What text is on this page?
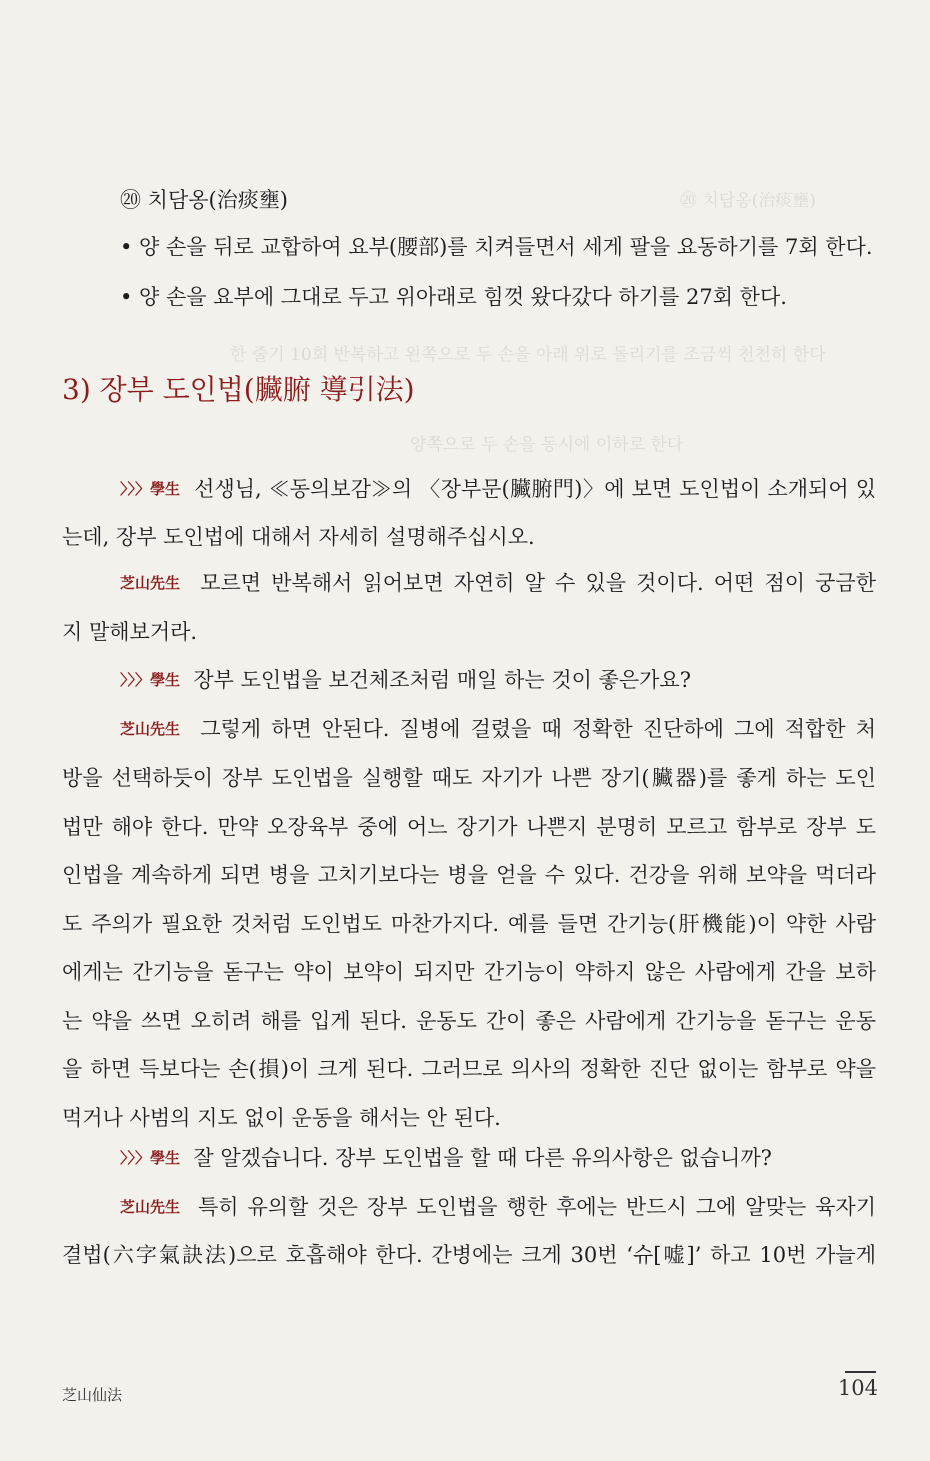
⑳ 치담옹(治痰壅)
한 줄기 10회 반복하고 왼쪽으로 두 손을 아래 위로 돌리기를 조금씩 천천히 한다
양쪽으로 두 손을 동시에 이하로 한다
⑳ 치담옹(治痰壅)
• 양 손을 뒤로 교합하여 요부(腰部)를 치켜들면서 세게 팔을 요동하기를 7회 한다.
• 양 손을 요부에 그대로 두고 위아래로 힘껏 왔다갔다 하기를 27회 한다.
3) 장부 도인법(臟腑 導引法)
〉〉〉學生 선생님, ≪동의보감≫의 〈장부문(臟腑門)〉에 보면 도인법이 소개되어 있
는데, 장부 도인법에 대해서 자세히 설명해주십시오.
芝山先生 모르면 반복해서 읽어보면 자연히 알 수 있을 것이다. 어떤 점이 궁금한
지 말해보거라.
〉〉〉學生 장부 도인법을 보건체조처럼 매일 하는 것이 좋은가요?
芝山先生 그렇게 하면 안된다. 질병에 걸렸을 때 정확한 진단하에 그에 적합한 처
방을 선택하듯이 장부 도인법을 실행할 때도 자기가 나쁜 장기(臟器)를 좋게 하는 도인
법만 해야 한다. 만약 오장육부 중에 어느 장기가 나쁜지 분명히 모르고 함부로 장부 도
인법을 계속하게 되면 병을 고치기보다는 병을 얻을 수 있다. 건강을 위해 보약을 먹더라
도 주의가 필요한 것처럼 도인법도 마찬가지다. 예를 들면 간기능(肝機能)이 약한 사람
에게는 간기능을 돋구는 약이 보약이 되지만 간기능이 약하지 않은 사람에게 간을 보하
는 약을 쓰면 오히려 해를 입게 된다. 운동도 간이 좋은 사람에게 간기능을 돋구는 운동
을 하면 득보다는 손(損)이 크게 된다. 그러므로 의사의 정확한 진단 없이는 함부로 약을
먹거나 사범의 지도 없이 운동을 해서는 안 된다.
〉〉〉學生 잘 알겠습니다. 장부 도인법을 할 때 다른 유의사항은 없습니까?
芝山先生 특히 유의할 것은 장부 도인법을 행한 후에는 반드시 그에 알맞는 육자기
결법(六字氣訣法)으로 호흡해야 한다. 간병에는 크게 30번 ‘슈[嘘]’ 하고 10번 가늘게
芝山仙法	104
